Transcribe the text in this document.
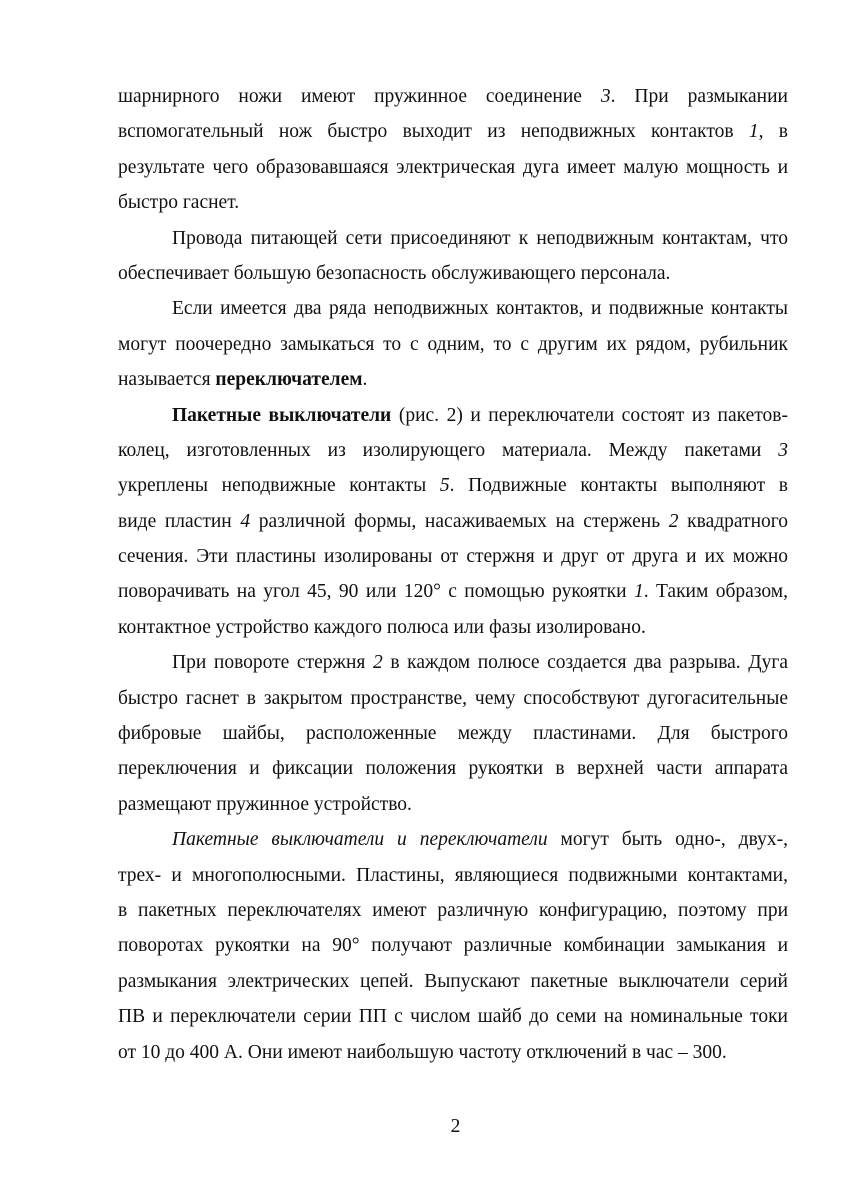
шарнирного ножи имеют пружинное соединение 3. При размыкании
вспомогательный нож быстро выходит из неподвижных контактов 1, в
результате чего образовавшаяся электрическая дуга имеет малую мощность и
быстро гаснет.
Провода питающей сети присоединяют к неподвижным контактам, что
обеспечивает большую безопасность обслуживающего персонала.
Если имеется два ряда неподвижных контактов, и подвижные контакты
могут поочередно замыкаться то с одним, то с другим их рядом, рубильник
называется переключателем.
Пакетные выключатели (рис. 2) и переключатели состоят из пакетов-
колец, изготовленных из изолирующего материала. Между пакетами 3
укреплены неподвижные контакты 5. Подвижные контакты выполняют в
виде пластин 4 различной формы, насаживаемых на стержень 2 квадратного
сечения. Эти пластины изолированы от стержня и друг от друга и их можно
поворачивать на угол 45, 90 или 120° с помощью рукоятки 1. Таким образом,
контактное устройство каждого полюса или фазы изолировано.
При повороте стержня 2 в каждом полюсе создается два разрыва. Дуга
быстро гаснет в закрытом пространстве, чему способствуют дугогасительные
фибровые шайбы, расположенные между пластинами. Для быстрого
переключения и фиксации положения рукоятки в верхней части аппарата
размещают пружинное устройство.
Пакетные выключатели и переключатели могут быть одно-, двух-,
трех- и многополюсными. Пластины, являющиеся подвижными контактами,
в пакетных переключателях имеют различную конфигурацию, поэтому при
поворотах рукоятки на 90° получают различные комбинации замыкания и
размыкания электрических цепей. Выпускают пакетные выключатели серий
ПВ и переключатели серии ПП с числом шайб до семи на номинальные токи
от 10 до 400 А. Они имеют наибольшую частоту отключений в час – 300.
2
